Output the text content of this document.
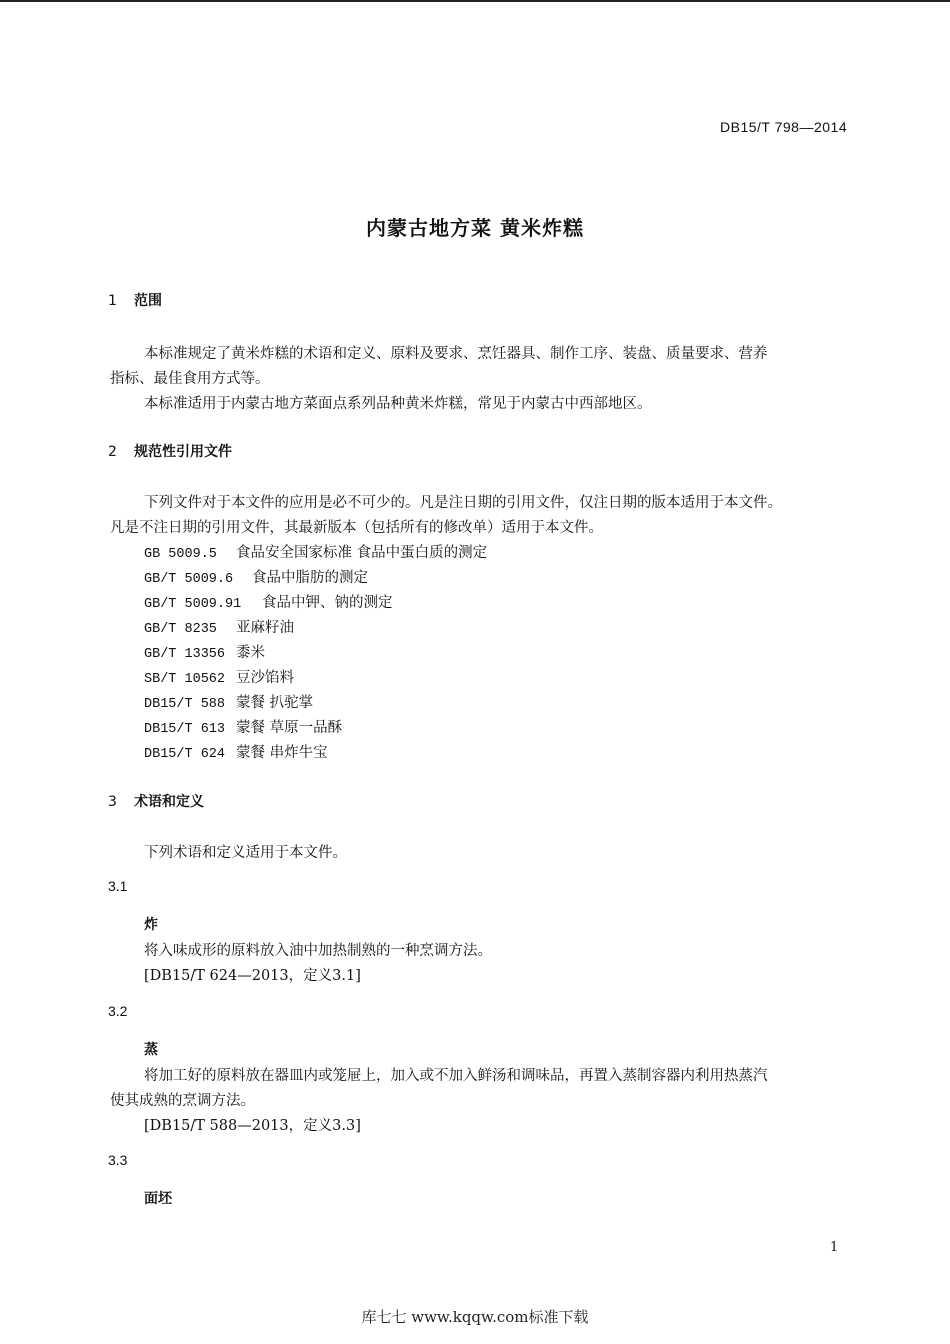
DB15/T 798—2014
内蒙古地方菜 黄米炸糕
1 范围
本标准规定了黄米炸糕的术语和定义、原料及要求、烹饪器具、制作工序、装盘、质量要求、营养
指标、最佳食用方式等。
本标准适用于内蒙古地方菜面点系列品种黄米炸糕，常见于内蒙古中西部地区。
2 规范性引用文件
下列文件对于本文件的应用是必不可少的。凡是注日期的引用文件，仅注日期的版本适用于本文件。
凡是不注日期的引用文件，其最新版本（包括所有的修改单）适用于本文件。
GB 5009.5 食品安全国家标准 食品中蛋白质的测定
GB/T 5009.6 食品中脂肪的测定
GB/T 5009.91 食品中钾、钠的测定
GB/T 8235 亚麻籽油
GB/T 13356 黍米
SB/T 10562 豆沙馅料
DB15/T 588 蒙餐 扒驼掌
DB15/T 613 蒙餐 草原一品酥
DB15/T 624 蒙餐 串炸牛宝
3 术语和定义
下列术语和定义适用于本文件。
3.1
炸
将入味成形的原料放入油中加热制熟的一种烹调方法。
[DB15/T 624—2013，定义3.1]
3.2
蒸
将加工好的原料放在器皿内或笼屉上，加入或不加入鲜汤和调味品，再置入蒸制容器内利用热蒸汽
使其成熟的烹调方法。
[DB15/T 588—2013，定义3.3]
3.3
面坯
1
库七七 www.kqqw.com标准下载
